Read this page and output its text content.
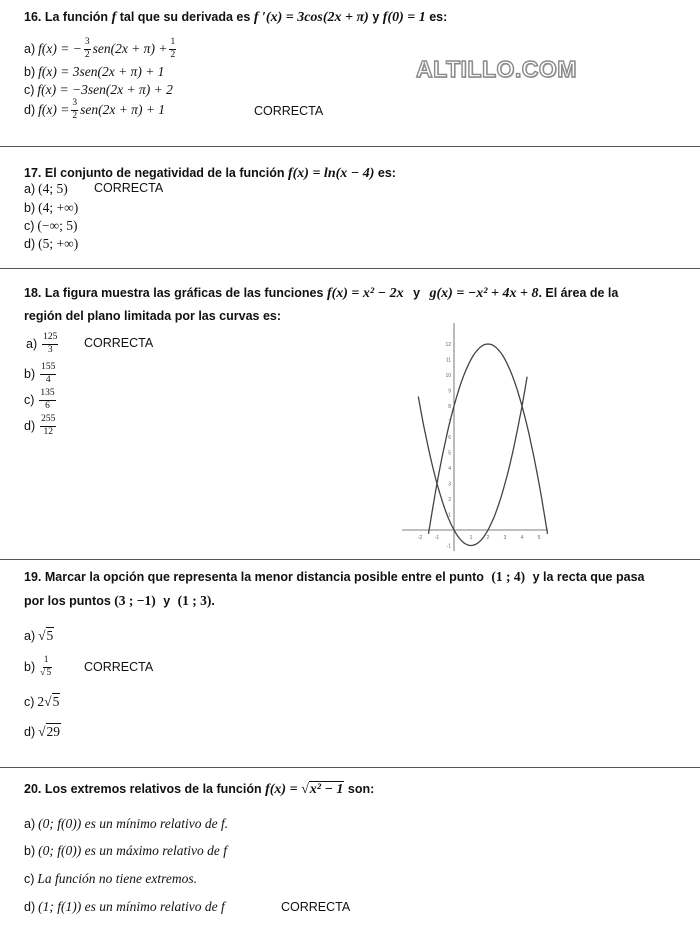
ALTILLO.COM
16. La función f tal que su derivada es f ′(x) = 3cos(2x + π) y f(0) = 1 es:
a) f(x) = − $\frac{3}{2} sen(2x + \pi) + \frac{1}{2}$
b) f(x) = 3sen(2x + π) + 1
c) f(x) = −3sen(2x + π) + 2
d) $f(x) = \frac{3}{2} sen(2x + \pi) + 1$	CORRECTA
17. El conjunto de negatividad de la función f(x) = ln(x − 4) es:
a) (4; 5) CORRECTA
b) (4; +∞)
c) (−∞; 5)
d) (5; +∞)
18. La figura muestra las gráficas de las funciones f(x) = x² − 2x y g(x) = −x² + 4x + 8. El área de la
región del plano limitada por las curvas es:
$a) \frac{125}{3}$ CORRECTA
$b) \frac{155}{4}$
$c) \frac{135}{6}$
$d) \frac{255}{12}$
-2	-1	1	2	3	4	5
12
11
10
9
8
7
6
5
4
3
2
1
-1
19. Marcar la opción que representa la menor distancia posible entre el punto (1 ; 4) y la recta que pasa
por los puntos (3 ; −1) y (1 ; 3).
a) √5
$b) \frac{1}{√5}$	CORRECTA
c) 2√5
d) √29
20. Los extremos relativos de la función f(x) = √x² − 1 son:
a) (0; f(0)) es un mínimo relativo de f.
b) (0; f(0)) es un máximo relativo de f
c) La función no tiene extremos.
d) (1; f(1)) es un mínimo relativo de f	CORRECTA
